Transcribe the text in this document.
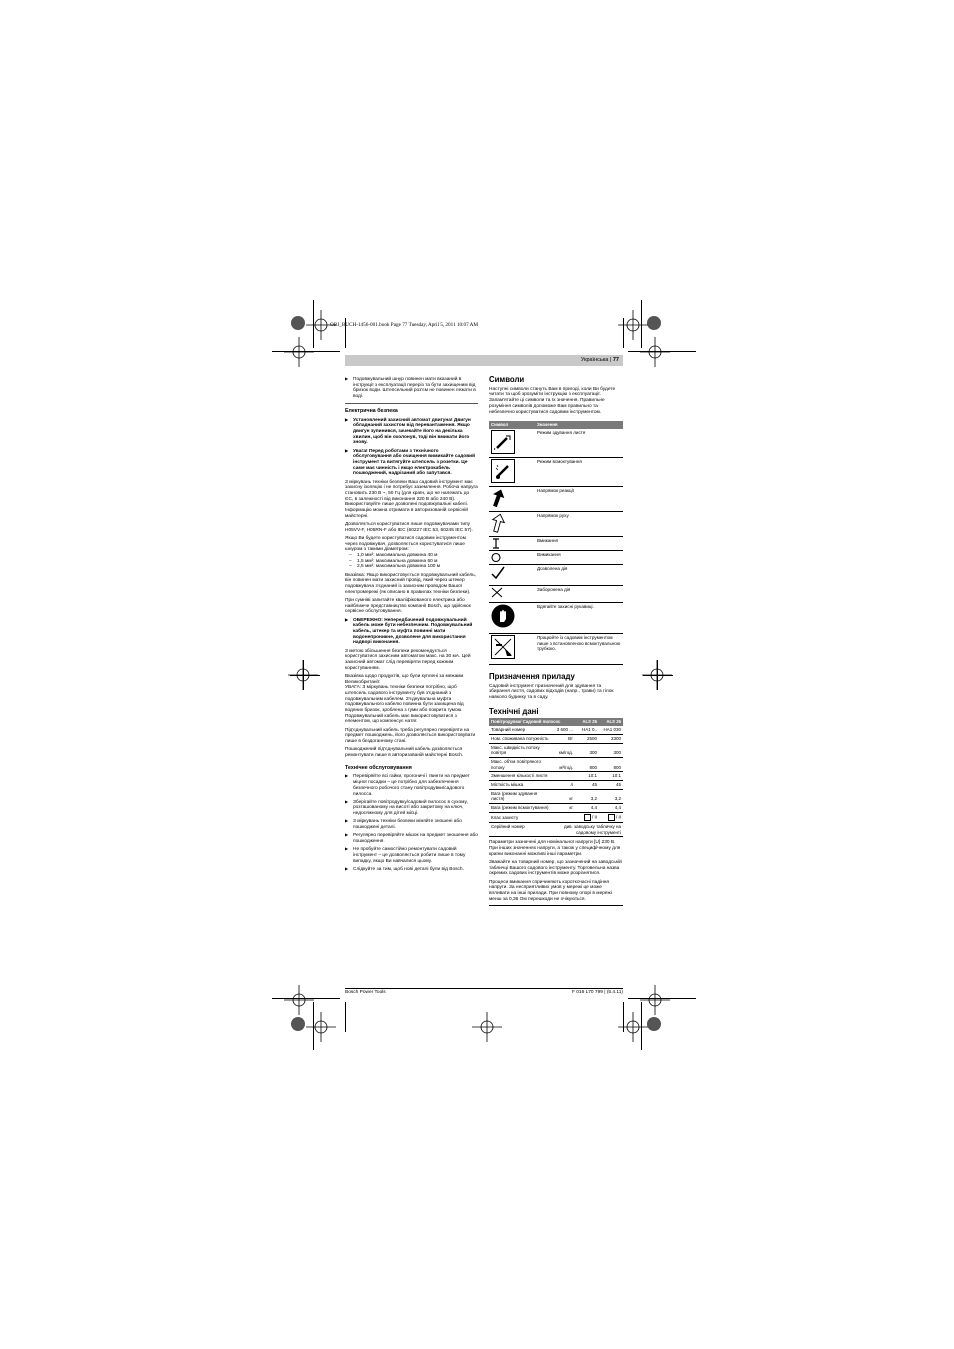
OBJ_BUCH-1456-001.book Page 77 Tuesday, April 5, 2011 10:07 AM
Українська | 77
▶ Подовжувальний шнур повинен мати вказаний в інструкції з експлуатації переріз та бути захищеним від бризок води. Штепсельний роз'єм не повинен лежати в воді.
Електрична безпека
▶ Установлений захисний автомат двигуна! Двигун обладнаний захистом від перевантаження. Якщо двигун зупинився, зачекайте його на декілька хвилин, щоб він охолонув, тоді він вмикати його знову.
▶ Увага! Перед роботами з технічного обслуговування або очищення вимикайте садовий інструмент та витягуйте штепсель з розетки. Це саме має чинність і якщо електрокабель пошкоджений, надрізаний або запутався.
З міркувань техніки безпеки Ваш садовий інструмент має захисну ізоляцію і не потребує заземлення. Робоча напруга становить 230 В ~, 50 Гц (для країн, що не належать до ЄС, в залежності від виконання 220 В або 240 В). Використовуйте лише дозволені подовжувальні кабелі. Інформацію можна отримати в авторизованій сервісній майстерні.
Дозволяється користуватися лише подовжувачами типу H05VV-F, H05RN-F або IEC (60227 IEC 53, 60245 IEC 57).
Якщо Ви будете користуватися садовим інструментом через подовжувач, дозволяється користуватися лише шнуром з такими діаметром:
– 1,0 мм²: максимальна довжина 40 м
– 1,5 мм²: максимальна довжина 60 м
– 2,5 мм²: максимальна довжина 100 м
Вказівка: Якщо використовується подовжувальний кабель, він повинен мати захисний провід, який через штекер подовжувача з'єднаний із захисним проводом Вашої електромережі (як описано в правилах техніки безпеки).
При сумніві запитайте кваліфікованого електрика або найближче представництво компанії Bosch, що здійснює сервісне обслуговування.
▶ ОБЕРЕЖНО: Непередбачений подовжувальний кабель може бути небезпечним. Подовжувальний кабель, штекер та муфта повинні мати водонепроникне, дозволене для використання надворі виконання.
З метою збільшення безпеки рекомендується користуватися захисним автоматом макс. на 30 мА. Цей захисний автомат слід перевіряти перед кожним користуванням.
Вказівка щодо продуктів, що були куплені за межами Великобританії:
УВАГА: З міркувань техніки безпеки потрібно, щоб штепсель садового інструменту був з'єднаний з подовжувальним кабелем. З'єднувальна муфта подовжувального кабелю повинна бути захищена від водяних бризок, зроблена з гуми або покрита гумою. Подовжувальний кабель має використовуватися з елементом, що компенсує натяг.
Під'єднувальний кабель треба регулярно перевіряти на предмет пошкоджень, його дозволяється використовувати лише в бездоганному стані.
Пошкоджений під'єднувальний кабель дозволяється ремонтувати лише в авторизованій майстерні Bosch.
Технічне обслуговування
▶ Перевіряйте всі гайки, прогоничі і гвинти на предмет міцної посадки – це потрібно для забезпечення безпечного робочого стану повітродувки/садового пилосса.
▶ Зберігайте повітродувку/садовий пилосос в сухому, розташованому на висоті або закритому на ключ, недосяжному для дітей місці.
▶ З міркувань техніки безпеки міняйте зношені або пошкоджені деталі.
▶ Регулярно перевіряйте мішок на предмет зношення або пошкодження.
▶ Не пробуйте самостійно ремонтувати садовий інструмент – це дозволяється робити лише в тому випадку, якщо Ви навчалися цьому.
▶ Слідкуйте за тим, щоб нові деталі були від Bosch.
Символи
Наступні символи стануть Вам в пригоді, коли Ви будете читати та щоб зрозуміти інструкцію з експлуатації. Запам'ятайте ці символи та їх значення. Правильне розуміння символів допоможе Вам правильно та небезпечно користуватися садовим інструментом.
Символ	Значення

	Режим здування листя

	Режим всмоктування

	Напрямок реакції

	Напрямок руху

	Вмикання

	Вимикання

	Дозволена дія

	Заборонена дія

	Вдягайте захисні рукавиці.

	Працюйте із садовим інструментом лише з встановленою всмоктувальною трубкою.
Призначення приладу
Садовий інструмент призначений для здування та збирання листя, садових відходів (напр., трави) та гілок навколо будинку та в саду.
Технічні дані
Повітродувка/ Садовий пилосос		ALS 25	ALS 25
Товарний номер	3 600 ...	HA1 0..	HA1 030
Ном. споживана потужність	Вт	2500	2300
Макс. швидкість потоку повітря	км/год.	300	300
Макс. об'єм повітряного потоку	м³/год.	800	800
Зменшення кількості листя		10:1	10:1
Місткість мішка	л	45	45
Вага (режим здування листя)	кг	3,2	3,2
Вага (режим всмоктування)	кг	4,4	4,4
Клас захисту		/ II	/ II
Серійний номер	див. заводську табличку на садовому інструменті		
Параметри зазначені для номінальної напруги [U] 230 В. При інших значеннях напруги, а також у специфічному для країни виконанні можливі інші параметри.
Зважайте на товарний номер, що зазначений на заводській табличці Вашого садового інструменту. Торговельна назва окремих садових інструментів може розрізнятися.
Процеси вмикання спричиняють короткочасні падіння напруги. За несприятливих умов у мережі це може впливати на інші прилади. При повному опорі в мережі менш за 0,36 Ом перешкоди не очікуються.
Bosch Power Tools	F 016 L70 799 | (5.4.11)
